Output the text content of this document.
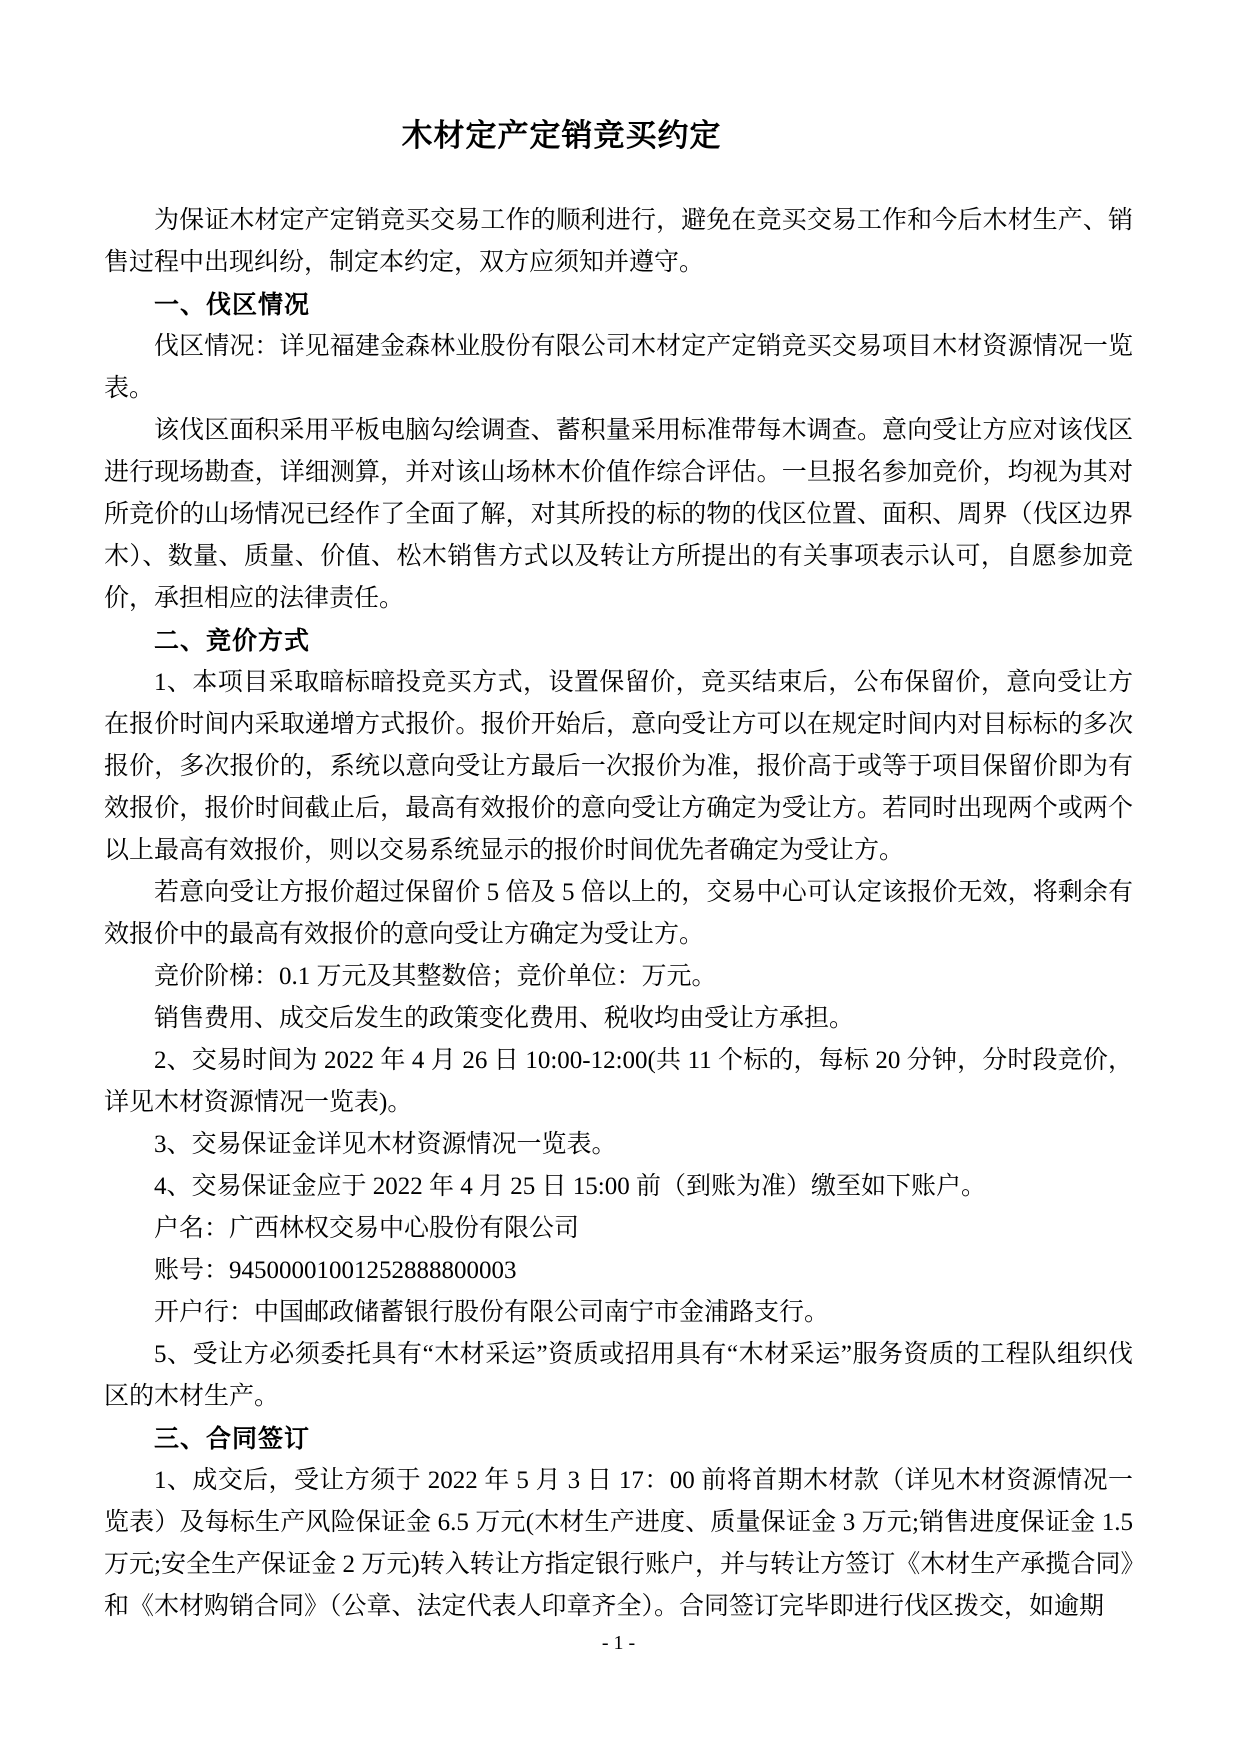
木材定产定销竞买约定

为保证木材定产定销竞买交易工作的顺利进行，避免在竞买交易工作和今后木材生产、销售过程中出现纠纷，制定本约定，双方应须知并遵守。

一、伐区情况

伐区情况：详见福建金森林业股份有限公司木材定产定销竞买交易项目木材资源情况一览表。

该伐区面积采用平板电脑勾绘调查、蓄积量采用标准带每木调查。意向受让方应对该伐区进行现场勘查，详细测算，并对该山场林木价值作综合评估。一旦报名参加竞价，均视为其对所竞价的山场情况已经作了全面了解，对其所投的标的物的伐区位置、面积、周界（伐区边界木）、数量、质量、价值、松木销售方式以及转让方所提出的有关事项表示认可，自愿参加竞价，承担相应的法律责任。

二、竞价方式

1、本项目采取暗标暗投竞买方式，设置保留价，竞买结束后，公布保留价，意向受让方在报价时间内采取递增方式报价。报价开始后，意向受让方可以在规定时间内对目标标的多次报价，多次报价的，系统以意向受让方最后一次报价为准，报价高于或等于项目保留价即为有效报价，报价时间截止后，最高有效报价的意向受让方确定为受让方。若同时出现两个或两个以上最高有效报价，则以交易系统显示的报价时间优先者确定为受让方。

若意向受让方报价超过保留价 5 倍及 5 倍以上的，交易中心可认定该报价无效，将剩余有效报价中的最高有效报价的意向受让方确定为受让方。

竞价阶梯：0.1 万元及其整数倍；竞价单位：万元。

销售费用、成交后发生的政策变化费用、税收均由受让方承担。

2、交易时间为 2022 年 4 月 26 日 10:00-12:00(共 11 个标的，每标 20 分钟，分时段竞价，详见木材资源情况一览表)。

3、交易保证金详见木材资源情况一览表。

4、交易保证金应于 2022 年 4 月 25 日 15:00 前（到账为准）缴至如下账户。

户名：广西林权交易中心股份有限公司

账号：94500001001252888800003

开户行：中国邮政储蓄银行股份有限公司南宁市金浦路支行。

5、受让方必须委托具有“木材采运”资质或招用具有“木材采运”服务资质的工程队组织伐区的木材生产。

三、合同签订

1、成交后，受让方须于 2022 年 5 月 3 日 17：00 前将首期木材款（详见木材资源情况一览表）及每标生产风险保证金 6.5 万元(木材生产进度、质量保证金 3 万元;销售进度保证金 1.5 万元;安全生产保证金 2 万元)转入转让方指定银行账户，并与转让方签订《木材生产承揽合同》和《木材购销合同》（公章、法定代表人印章齐全）。合同签订完毕即进行伐区拨交，如逾期

- 1 -
